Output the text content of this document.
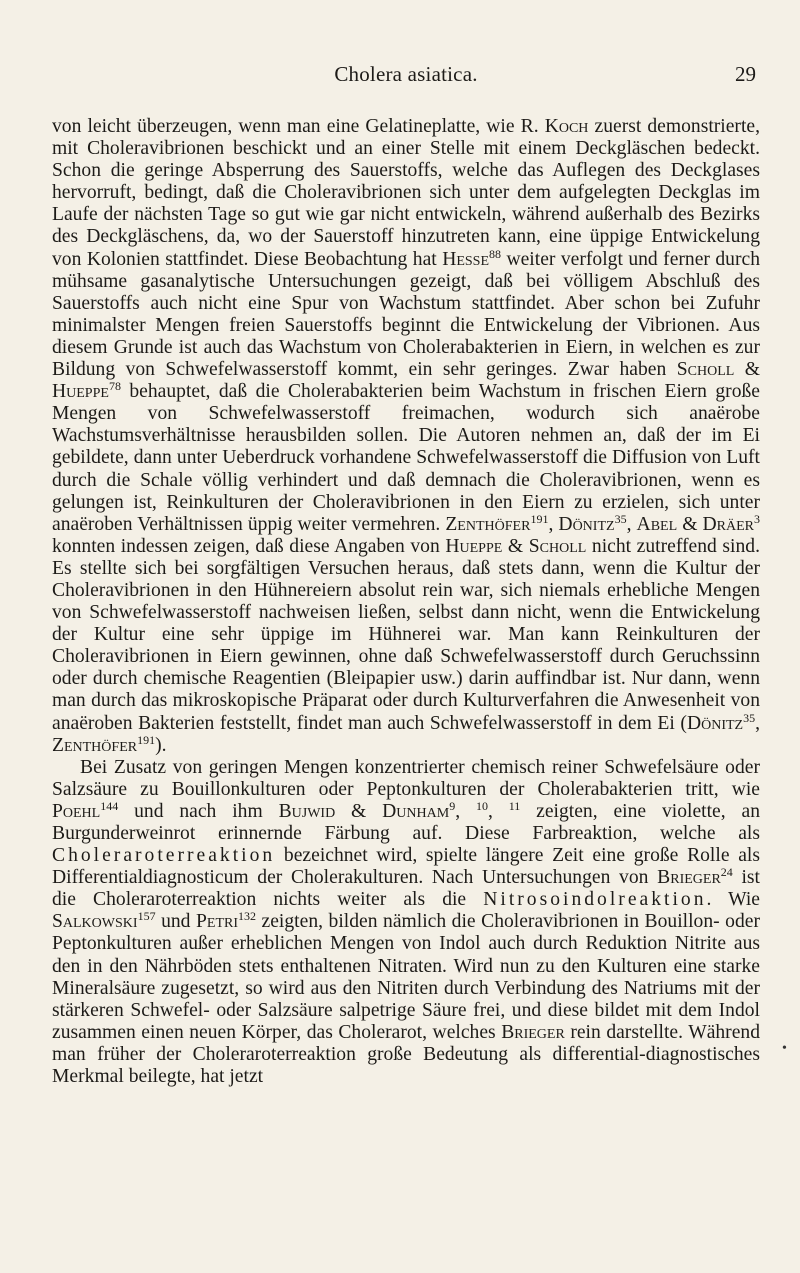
Cholera asiatica.	29

von leicht überzeugen, wenn man eine Gelatineplatte, wie R. Koch zuerst demonstrierte, mit Choleravibrionen beschickt und an einer Stelle mit einem Deckgläschen bedeckt. Schon die geringe Absperrung des Sauerstoffs, welche das Auflegen des Deckglases hervorruft, bedingt, daß die Choleravibrionen sich unter dem aufgelegten Deckglas im Laufe der nächsten Tage so gut wie gar nicht entwickeln, während außerhalb des Bezirks des Deckgläschens, da, wo der Sauerstoff hinzutreten kann, eine üppige Entwickelung von Kolonien stattfindet. Diese Beobachtung hat Hesse$^{88}$ weiter verfolgt und ferner durch mühsame gasanalytische Untersuchungen gezeigt, daß bei völligem Abschluß des Sauerstoffs auch nicht eine Spur von Wachstum stattfindet. Aber schon bei Zufuhr minimalster Mengen freien Sauerstoffs beginnt die Entwickelung der Vibrionen. Aus diesem Grunde ist auch das Wachstum von Cholerabakterien in Eiern, in welchen es zur Bildung von Schwefelwasserstoff kommt, ein sehr geringes. Zwar haben Scholl & Hueppe$^{78}$ behauptet, daß die Cholerabakterien beim Wachstum in frischen Eiern große Mengen von Schwefelwasserstoff freimachen, wodurch sich anaërobe Wachstumsverhältnisse herausbilden sollen. Die Autoren nehmen an, daß der im Ei gebildete, dann unter Ueberdruck vorhandene Schwefelwasserstoff die Diffusion von Luft durch die Schale völlig verhindert und daß demnach die Choleravibrionen, wenn es gelungen ist, Reinkulturen der Choleravibrionen in den Eiern zu erzielen, sich unter anaëroben Verhältnissen üppig weiter vermehren. Zenthöfer$^{191}$, Dönitz$^{35}$, Abel & Dräer$^3$ konnten indessen zeigen, daß diese Angaben von Hueppe & Scholl nicht zutreffend sind. Es stellte sich bei sorgfältigen Versuchen heraus, daß stets dann, wenn die Kultur der Choleravibrionen in den Hühnereiern absolut rein war, sich niemals erhebliche Mengen von Schwefelwasserstoff nachweisen ließen, selbst dann nicht, wenn die Entwickelung der Kultur eine sehr üppige im Hühnerei war. Man kann Reinkulturen der Choleravibrionen in Eiern gewinnen, ohne daß Schwefelwasserstoff durch Geruchssinn oder durch chemische Reagentien (Bleipapier usw.) darin auffindbar ist. Nur dann, wenn man durch das mikroskopische Präparat oder durch Kulturverfahren die Anwesenheit von anaëroben Bakterien feststellt, findet man auch Schwefelwasserstoff in dem Ei (Dönitz$^{35}$, Zenthöfer$^{191}$).

Bei Zusatz von geringen Mengen konzentrierter chemisch reiner Schwefelsäure oder Salzsäure zu Bouillonkulturen oder Peptonkulturen der Cholerabakterien tritt, wie Poehl$^{144}$ und nach ihm Bujwid & Dunham$^9$, $^{10}$, $^{11}$ zeigten, eine violette, an Burgunderweinrot erinnernde Färbung auf. Diese Farbreaktion, welche als Choleraroterreaktion bezeichnet wird, spielte längere Zeit eine große Rolle als Differentialdiagnosticum der Cholerakulturen. Nach Untersuchungen von Brieger$^{24}$ ist die Choleraroterreaktion nichts weiter als die Nitrosoindolreaktion. Wie Salkowski$^{157}$ und Petri$^{132}$ zeigten, bilden nämlich die Choleravibrionen in Bouillon- oder Peptonkulturen außer erheblichen Mengen von Indol auch durch Reduktion Nitrite aus den in den Nährböden stets enthaltenen Nitraten. Wird nun zu den Kulturen eine starke Mineralsäure zugesetzt, so wird aus den Nitriten durch Verbindung des Natriums mit der stärkeren Schwefel- oder Salzsäure salpetrige Säure frei, und diese bildet mit dem Indol zusammen einen neuen Körper, das Cholerarot, welches Brieger rein darstellte. Während man früher der Choleraroterreaktion große Bedeutung als differential-diagnostisches Merkmal beilegte, hat jetzt

•
